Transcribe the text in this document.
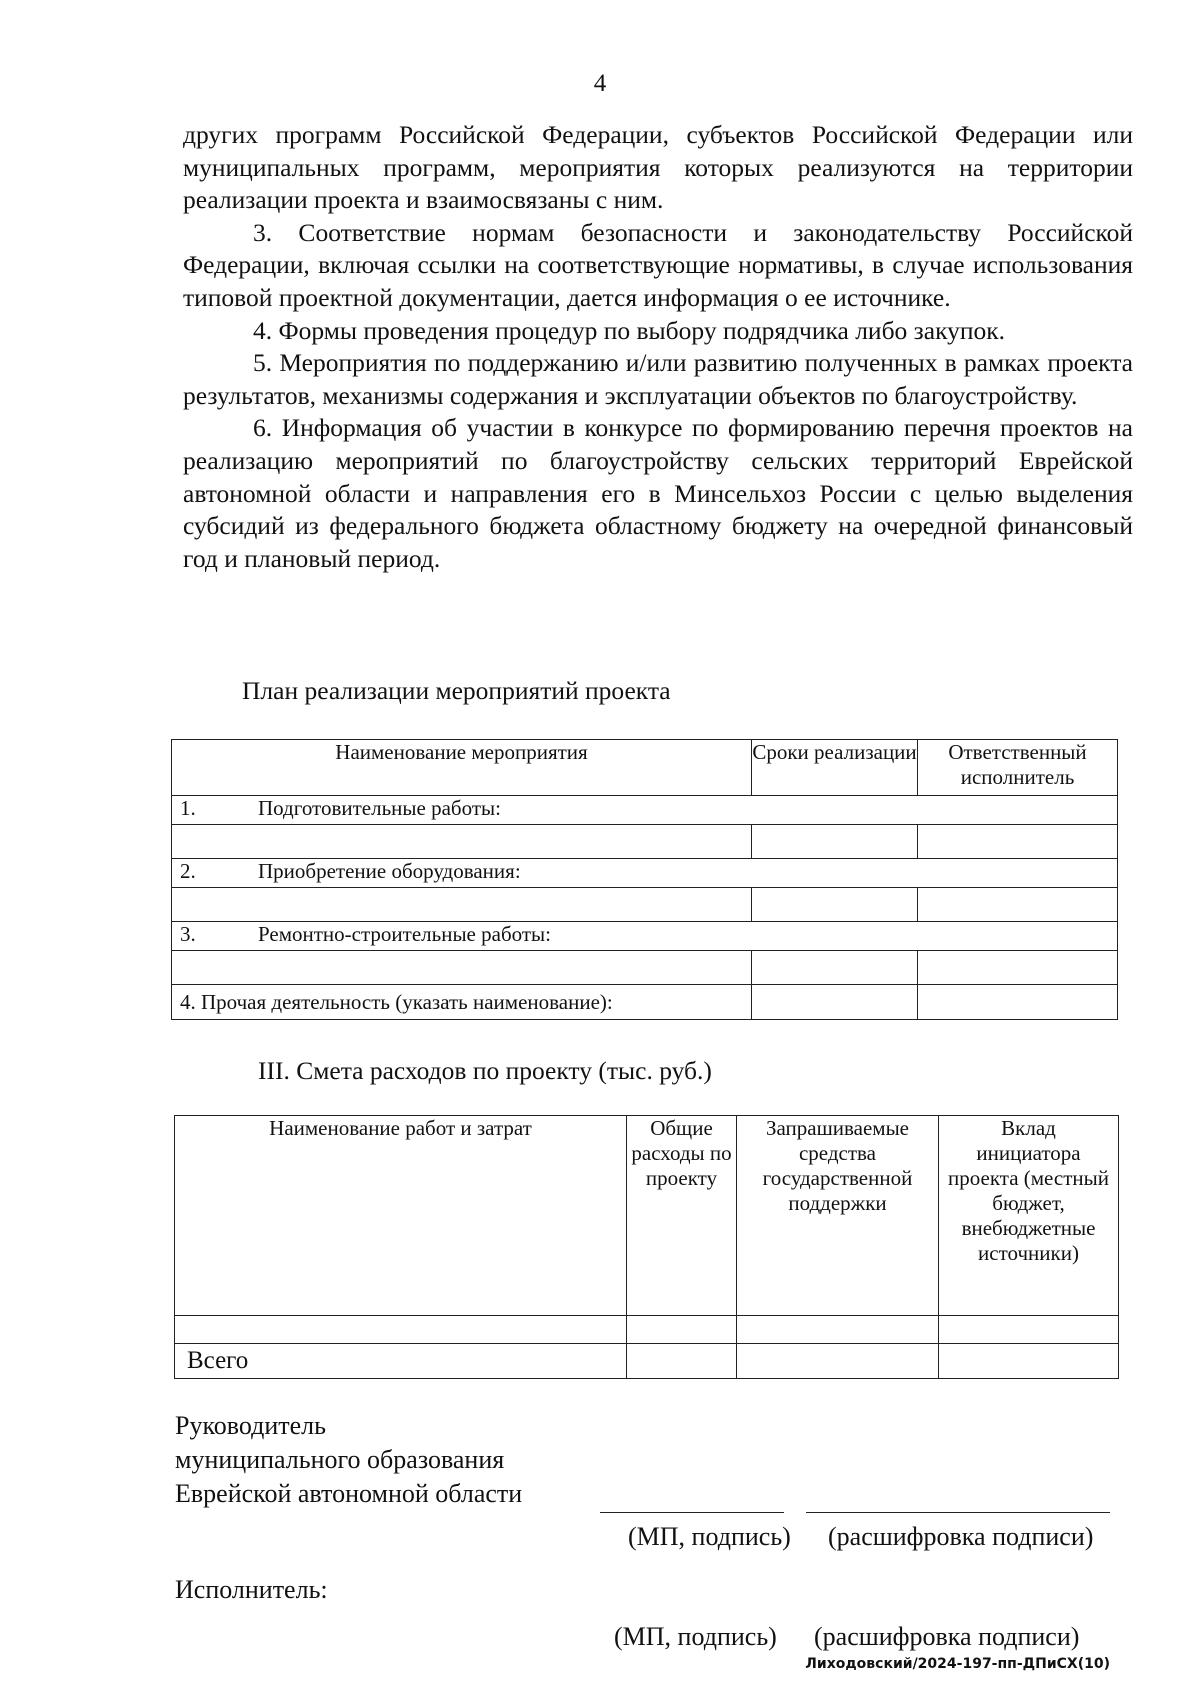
4

других программ Российской Федерации, субъектов Российской Федерации или муниципальных программ, мероприятия которых реализуются на территории реализации проекта и взаимосвязаны с ним.

3. Соответствие нормам безопасности и законодательству Российской Федерации, включая ссылки на соответствующие нормативы, в случае использования типовой проектной документации, дается информация о ее источнике.

4. Формы проведения процедур по выбору подрядчика либо закупок.

5. Мероприятия по поддержанию и/или развитию полученных в рамках проекта результатов, механизмы содержания и эксплуатации объектов по благоустройству.

6. Информация об участии в конкурсе по формированию перечня проектов на реализацию мероприятий по благоустройству сельских территорий Еврейской автономной области и направления его в Минсельхоз России с целью выделения субсидий из федерального бюджета областному бюджету на очередной финансовый год и плановый период.

План реализации мероприятий проекта
Наименование мероприятия	Сроки реализации	Ответственный исполнитель
1. Подготовительные работы:		

2. Приобретение оборудования:		

3. Ремонтно-строительные работы:		

4. Прочая деятельность (указать наименование):		
III. Смета расходов по проекту (тыс. руб.)
Наименование работ и затрат	Общие расходы по проекту	Запрашиваемые средства государственной поддержки	Вклад инициатора проекта (местный бюджет, внебюджетные источники)

Всего			
Руководитель
муниципального образования
Еврейской автономной области
(МП, подпись) (расшифровка подписи)
Исполнитель:
(МП, подпись) (расшифровка подписи)
Лиходовский/2024-197-пп-ДПиСХ(10)
